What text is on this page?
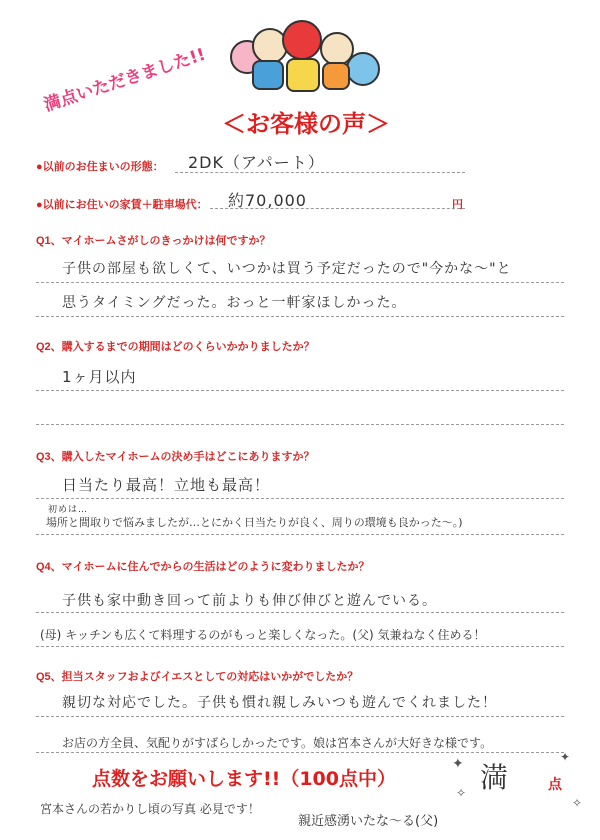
満点いただきました!!
＜お客様の声＞
●以前のお住まいの形態： 2DK（アパート）
●以前にお住いの家賃＋駐車場代： 約70,000	円
Q1、マイホームさがしのきっかけは何ですか？
子供の部屋も欲しくて、いつかは買う予定だったので"今かな～"と
思うタイミングだった。おっと一軒家ほしかった。
Q2、購入するまでの期間はどのくらいかかりましたか？
1ヶ月以内
Q3、購入したマイホームの決め手はどこにありますか？
日当たり最高！立地も最高！
初めは…
場所と間取りで悩みましたが…とにかく日当たりが良く、周りの環境も良かった～。)
Q4、マイホームに住んでからの生活はどのように変わりましたか？
子供も家中動き回って前よりも伸び伸びと遊んでいる。
(母) キッチンも広くて料理するのがもっと楽しくなった。(父) 気兼ねなく住める！
Q5、担当スタッフおよびイエスとしての対応はいかがでしたか？
親切な対応でした。子供も慣れ親しみいつも遊んでくれました！
お店の方全員、気配りがすばらしかったです。娘は宮本さんが大好きな様です。
点数をお願いします!!（100点中）	満	点
✦
✧
✦
✧
宮本さんの若かりし頃の写真 必見です！
親近感湧いたな～る(父)
